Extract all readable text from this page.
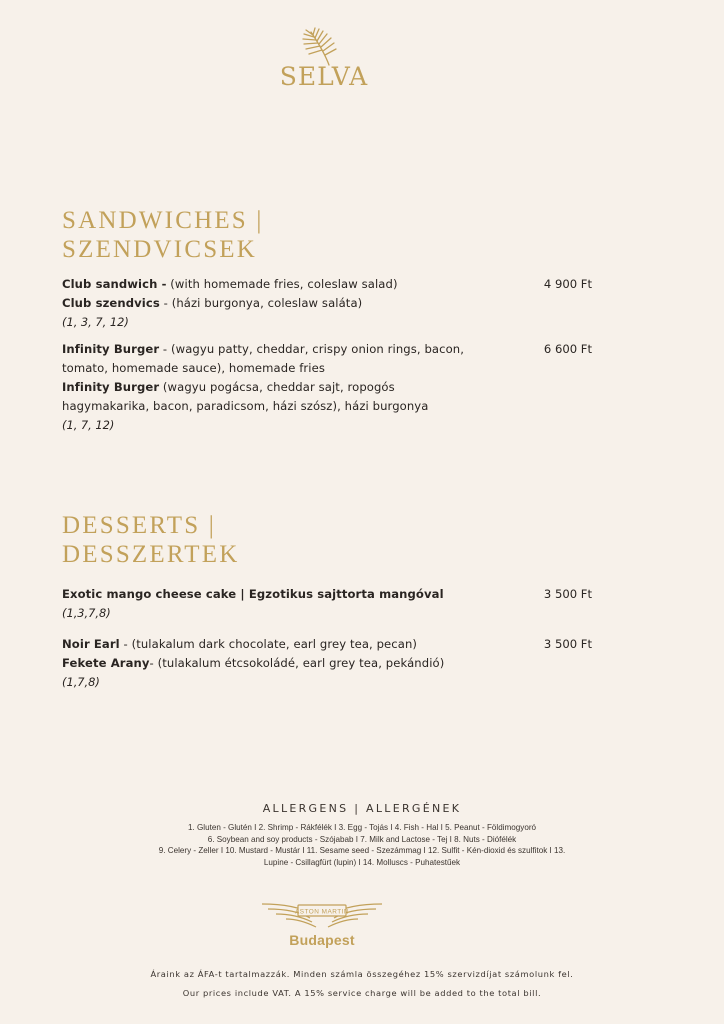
SELVA
SANDWICHES |
SZENDVICSEK

Club sandwich - (with homemade fries, coleslaw salad)

Club szendvics - (házi burgonya, coleslaw saláta)

(1, 3, 7, 12)

4 900 Ft

Infinity Burger - (wagyu patty, cheddar, crispy onion rings, bacon, tomato, homemade sauce), homemade fries

Infinity Burger (wagyu pogácsa, cheddar sajt, ropogós hagymakarika, bacon, paradicsom, házi szósz), házi burgonya

(1, 7, 12)

6 600 Ft
DESSERTS |
DESSZERTEK

Exotic mango cheese cake | Egzotikus sajttorta mangóval

(1,3,7,8)

3 500 Ft

Noir Earl - (tulakalum dark chocolate, earl grey tea, pecan)

Fekete Arany- (tulakalum étcsokoládé, earl grey tea, pekándió)

(1,7,8)

3 500 Ft
ALLERGENS | ALLERGÉNEK
1. Gluten - Glutén I 2. Shrimp - Rákfélék I 3. Egg - Tojás I 4. Fish - Hal I 5. Peanut - Földimogyoró
6. Soybean and soy products - Szójabab I 7. Milk and Lactose - Tej I 8. Nuts - Diófélék
9. Celery - Zeller I 10. Mustard - Mustár I 11. Sesame seed - Szezámmag I 12. Sulfit - Kén-dioxid és szulfitok I 13.
Lupine - Csillagfürt (lupin) I 14. Molluscs - Puhatestűek
ASTON MARTIN
Budapest

Áraink az ÁFA-t tartalmazzák. Minden számla összegéhez 15% szervizdíjat számolunk fel.

Our prices include VAT. A 15% service charge will be added to the total bill.
